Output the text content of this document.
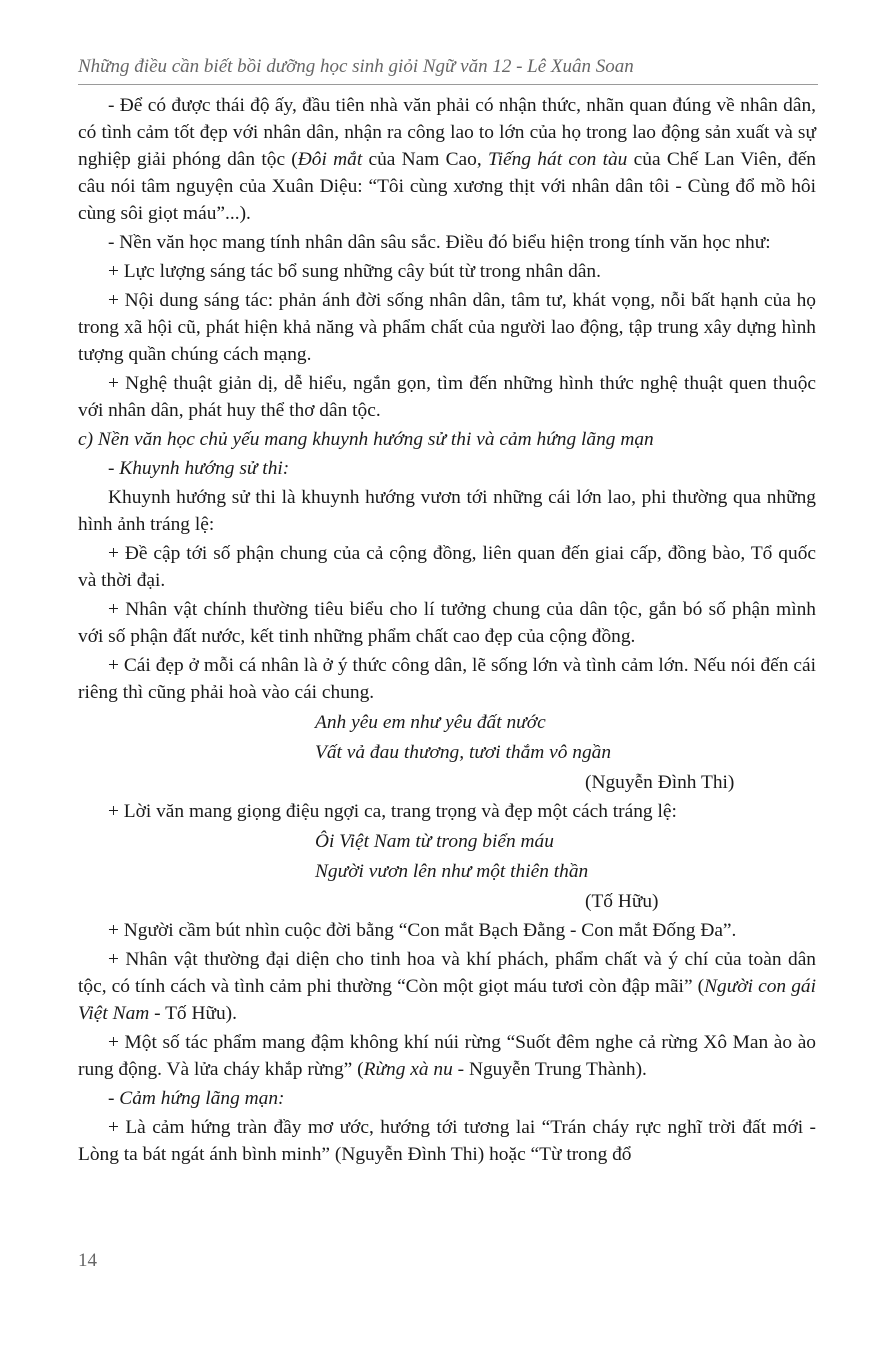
Những điều cần biết bồi dưỡng học sinh giỏi Ngữ văn 12 - Lê Xuân Soan

- Để có được thái độ ấy, đầu tiên nhà văn phải có nhận thức, nhãn quan đúng về nhân dân, có tình cảm tốt đẹp với nhân dân, nhận ra công lao to lớn của họ trong lao động sản xuất và sự nghiệp giải phóng dân tộc (Đôi mắt của Nam Cao, Tiếng hát con tàu của Chế Lan Viên, đến câu nói tâm nguyện của Xuân Diệu: “Tôi cùng xương thịt với nhân dân tôi - Cùng đổ mồ hôi cùng sôi giọt máu”...).

- Nền văn học mang tính nhân dân sâu sắc. Điều đó biểu hiện trong tính văn học như:

+ Lực lượng sáng tác bổ sung những cây bút từ trong nhân dân.

+ Nội dung sáng tác: phản ánh đời sống nhân dân, tâm tư, khát vọng, nỗi bất hạnh của họ trong xã hội cũ, phát hiện khả năng và phẩm chất của người lao động, tập trung xây dựng hình tượng quần chúng cách mạng.

+ Nghệ thuật giản dị, dễ hiểu, ngắn gọn, tìm đến những hình thức nghệ thuật quen thuộc với nhân dân, phát huy thể thơ dân tộc.

c) Nền văn học chủ yếu mang khuynh hướng sử thi và cảm hứng lãng mạn

- Khuynh hướng sử thi:

Khuynh hướng sử thi là khuynh hướng vươn tới những cái lớn lao, phi thường qua những hình ảnh tráng lệ:

+ Đề cập tới số phận chung của cả cộng đồng, liên quan đến giai cấp, đồng bào, Tổ quốc và thời đại.

+ Nhân vật chính thường tiêu biểu cho lí tưởng chung của dân tộc, gắn bó số phận mình với số phận đất nước, kết tinh những phẩm chất cao đẹp của cộng đồng.

+ Cái đẹp ở mỗi cá nhân là ở ý thức công dân, lẽ sống lớn và tình cảm lớn. Nếu nói đến cái riêng thì cũng phải hoà vào cái chung.

Anh yêu em như yêu đất nước

Vất vả đau thương, tươi thắm vô ngần

(Nguyễn Đình Thi)

+ Lời văn mang giọng điệu ngợi ca, trang trọng và đẹp một cách tráng lệ:

Ôi Việt Nam từ trong biển máu

Người vươn lên như một thiên thần

(Tố Hữu)

+ Người cầm bút nhìn cuộc đời bằng “Con mắt Bạch Đằng - Con mắt Đống Đa”.

+ Nhân vật thường đại diện cho tinh hoa và khí phách, phẩm chất và ý chí của toàn dân tộc, có tính cách và tình cảm phi thường “Còn một giọt máu tươi còn đập mãi” (Người con gái Việt Nam - Tố Hữu).

+ Một số tác phẩm mang đậm không khí núi rừng “Suốt đêm nghe cả rừng Xô Man ào ào rung động. Và lửa cháy khắp rừng” (Rừng xà nu - Nguyễn Trung Thành).

- Cảm hứng lãng mạn:

+ Là cảm hứng tràn đầy mơ ước, hướng tới tương lai “Trán cháy rực nghĩ trời đất mới - Lòng ta bát ngát ánh bình minh” (Nguyễn Đình Thi) hoặc “Từ trong đổ

14
